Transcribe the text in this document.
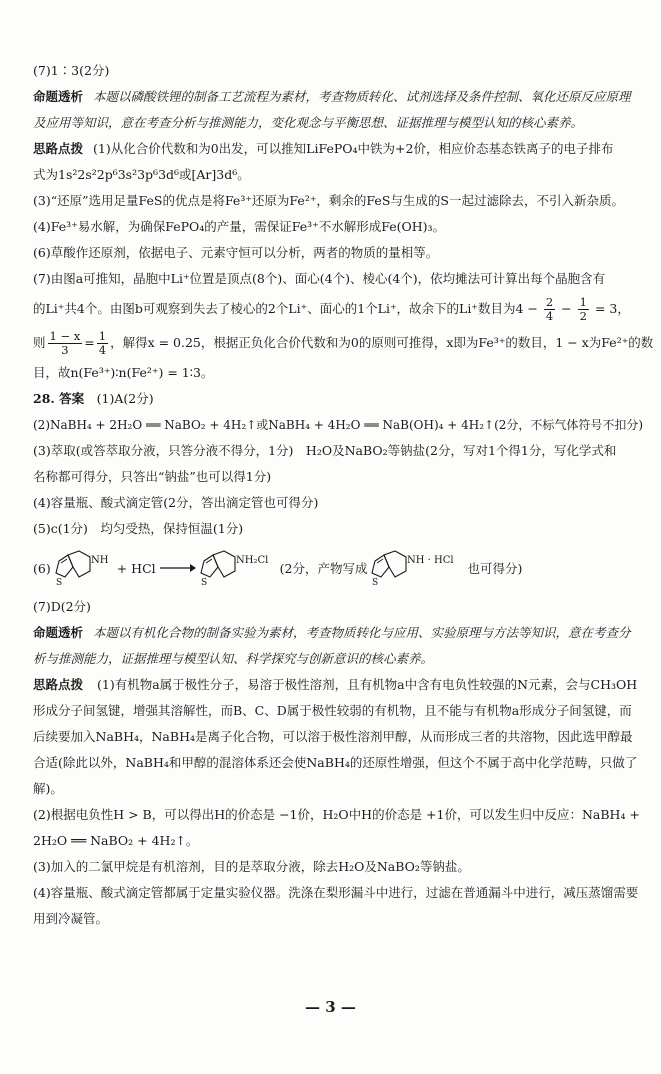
(7)1∶3(2分)

命题透析 本题以磷酸铁锂的制备工艺流程为素材，考查物质转化、试剂选择及条件控制、氧化还原反应原理

及应用等知识，意在考查分析与推测能力，变化观念与平衡思想、证据推理与模型认知的核心素养。

思路点拨 (1)从化合价代数和为0出发，可以推知LiFePO₄中铁为+2价，相应价态基态铁离子的电子排布

式为1s²2s²2p⁶3s²3p⁶3d⁶或[Ar]3d⁶。

(3)“还原”选用足量FeS的优点是将Fe³⁺还原为Fe²⁺，剩余的FeS与生成的S一起过滤除去，不引入新杂质。

(4)Fe³⁺易水解，为确保FePO₄的产量，需保证Fe³⁺不水解形成Fe(OH)₃。

(6)草酸作还原剂，依据电子、元素守恒可以分析，两者的物质的量相等。

(7)由图a可推知，晶胞中Li⁺位置是顶点(8个)、面心(4个)、棱心(4个)，依均摊法可计算出每个晶胞含有

的Li⁺共4个。由图b可观察到失去了棱心的2个Li⁺、面心的1个Li⁺，故余下的Li⁺数目为$4 - \frac{2}{4} - \frac{1}{2} = 3$，

则 $\frac{1 - x}{3} = \frac{1}{4}$ ，解得x = 0.25，根据正负化合价代数和为0的原则可推得，x即为Fe³⁺的数目，1 − x为Fe²⁺的数

目，故n(Fe³⁺)∶n(Fe²⁺) = 1∶3。

28. 答案　 (1)A(2分)

(2)NaBH₄ + 2H₂O ══ NaBO₂ + 4H₂↑或NaBH₄ + 4H₂O ══ NaB(OH)₄ + 4H₂↑(2分，不标气体符号不扣分)

(3)萃取(或答萃取分液，只答分液不得分，1分)　H₂O及NaBO₂等钠盐(2分，写对1个得1分，写化学式和

名称都可得分，只答出“钠盐”也可以得1分)

(4)容量瓶、酸式滴定管(2分，答出滴定管也可得分)

(5)c(1分)　均匀受热，保持恒温(1分)

(6)
S
NH + HCl →
S
NH₂Cl
(2分，产物写成
S
NH · HCl
也可得分)

(7)D(2分)

命题透析 本题以有机化合物的制备实验为素材，考查物质转化与应用、实验原理与方法等知识，意在考查分

析与推测能力，证据推理与模型认知、科学探究与创新意识的核心素养。

思路点拨	(1)有机物a属于极性分子，易溶于极性溶剂，且有机物a中含有电负性较强的N元素，会与CH₃OH形成分子间氢键，增强其溶解性，而B、C、D属于极性较弱的有机物，且不能与有机物a形成分子间氢键，而后续要加入NaBH₄，NaBH₄是离子化合物，可以溶于极性溶剂甲醇，从而形成三者的共溶物，因此选甲醇最合适(除此以外，NaBH₄和甲醇的混溶体系还会使NaBH₄的还原性增强，但这个不属于高中化学范畴，只做了解)。

(2)根据电负性H > B，可以得出H的价态是 −1价，H₂O中H的价态是 +1价，可以发生归中反应：NaBH₄ +

2H₂O ══ NaBO₂ + 4H₂↑。

(3)加入的二氯甲烷是有机溶剂，目的是萃取分液，除去H₂O及NaBO₂等钠盐。

(4)容量瓶、酸式滴定管都属于定量实验仪器。洗涤在梨形漏斗中进行，过滤在普通漏斗中进行，减压蒸馏需要用到冷凝管。

— 3 —
